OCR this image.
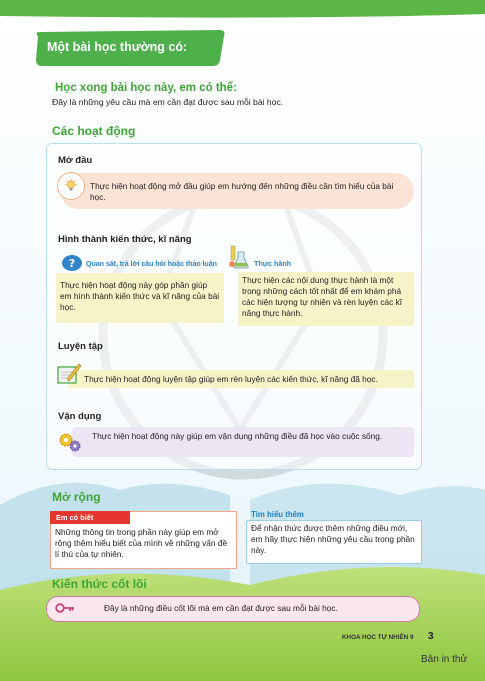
Một bài học thường có:
Học xong bài học này, em có thể:
Đây là những yêu cầu mà em cần đạt được sau mỗi bài học.
Các hoạt động
Mở đầu
Thực hiện hoạt động mở đầu giúp em hướng đến những điều cần tìm hiểu của bài học.
Hình thành kiến thức, kĩ năng
? Quan sát, trả lời câu hỏi hoặc thảo luận
Thực hiện hoạt động này góp phần giúp em hình thành kiến thức và kĩ năng của bài học.
Thực hành
Thực hiện các nội dung thực hành là một trong những cách tốt nhất để em khám phá các hiện tượng tự nhiên và rèn luyện các kĩ năng thực hành.
Luyện tập
Thực hiện hoạt động luyện tập giúp em rèn luyện các kiến thức, kĩ năng đã học.
Vận dụng
Thực hiện hoạt động này giúp em vận dụng những điều đã học vào cuộc sống.
Mở rộng
Em có biết
Những thông tin trong phần này giúp em mở rộng thêm hiểu biết của mình về những vấn đề lí thú của tự nhiên.
Tìm hiểu thêm
Để nhận thức được thêm những điều mới, em hãy thực hiện những yêu cầu trong phần này.
Kiến thức cốt lõi
Đây là những điều cốt lõi mà em cần đạt được sau mỗi bài học.
KHOA HỌC TỰ NHIÊN 9 3
Bản in thử
